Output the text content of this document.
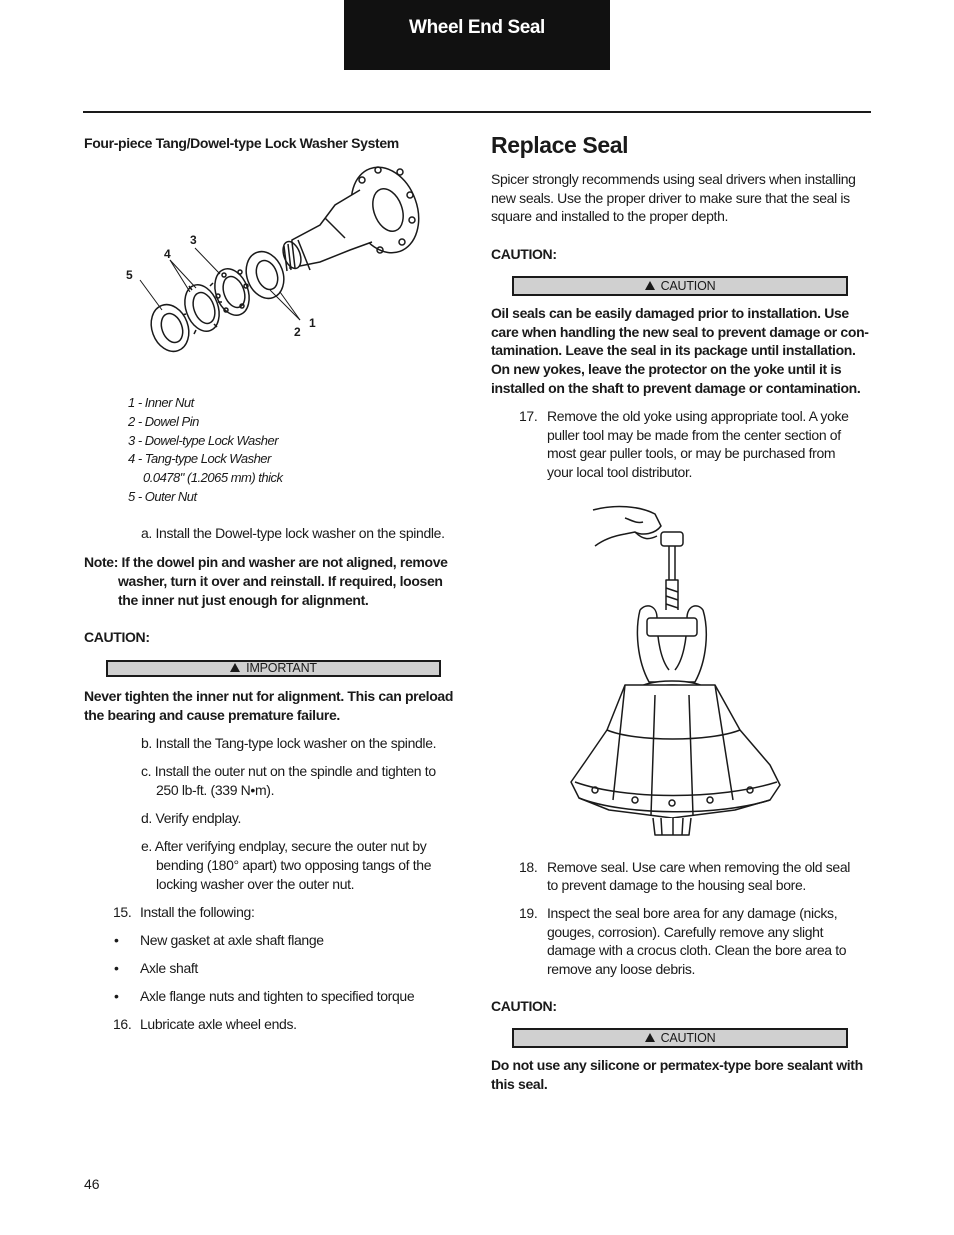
Wheel End Seal
Four-piece Tang/Dowel-type Lock Washer System
5
4
3
2
1
1 - Inner Nut
2 - Dowel Pin
3 - Dowel-type Lock Washer
4 - Tang-type Lock Washer
0.0478" (1.2065 mm) thick
5 - Outer Nut
a. Install the Dowel-type lock washer on the spindle.
Note: If the dowel pin and washer are not aligned, remove
washer, turn it over and reinstall. If required, loosen
the inner nut just enough for alignment.
CAUTION:
IMPORTANT
Never tighten the inner nut for alignment. This can preload
the bearing and cause premature failure.
b. Install the Tang-type lock washer on the spindle.
c. Install the outer nut on the spindle and tighten to
250 lb-ft. (339 N•m).
d. Verify endplay.
e. After verifying endplay, secure the outer nut by
bending (180° apart) two opposing tangs of the
locking washer over the outer nut.
15. Install the following:
• New gasket at axle shaft flange
• Axle shaft
• Axle flange nuts and tighten to specified torque
16. Lubricate axle wheel ends.
Replace Seal
Spicer strongly recommends using seal drivers when installing
new seals. Use the proper driver to make sure that the seal is
square and installed to the proper depth.
CAUTION:
CAUTION
Oil seals can be easily damaged prior to installation. Use
care when handling the new seal to prevent damage or con-
tamination. Leave the seal in its package until installation.
On new yokes, leave the protector on the yoke until it is
installed on the shaft to prevent damage or contamination.
17. Remove the old yoke using appropriate tool. A yoke
puller tool may be made from the center section of
most gear puller tools, or may be purchased from
your local tool distributor.
18. Remove seal. Use care when removing the old seal
to prevent damage to the housing seal bore.
19. Inspect the seal bore area for any damage (nicks,
gouges, corrosion). Carefully remove any slight
damage with a crocus cloth. Clean the bore area to
remove any loose debris.
CAUTION:
CAUTION
Do not use any silicone or permatex-type bore sealant with
this seal.
46
